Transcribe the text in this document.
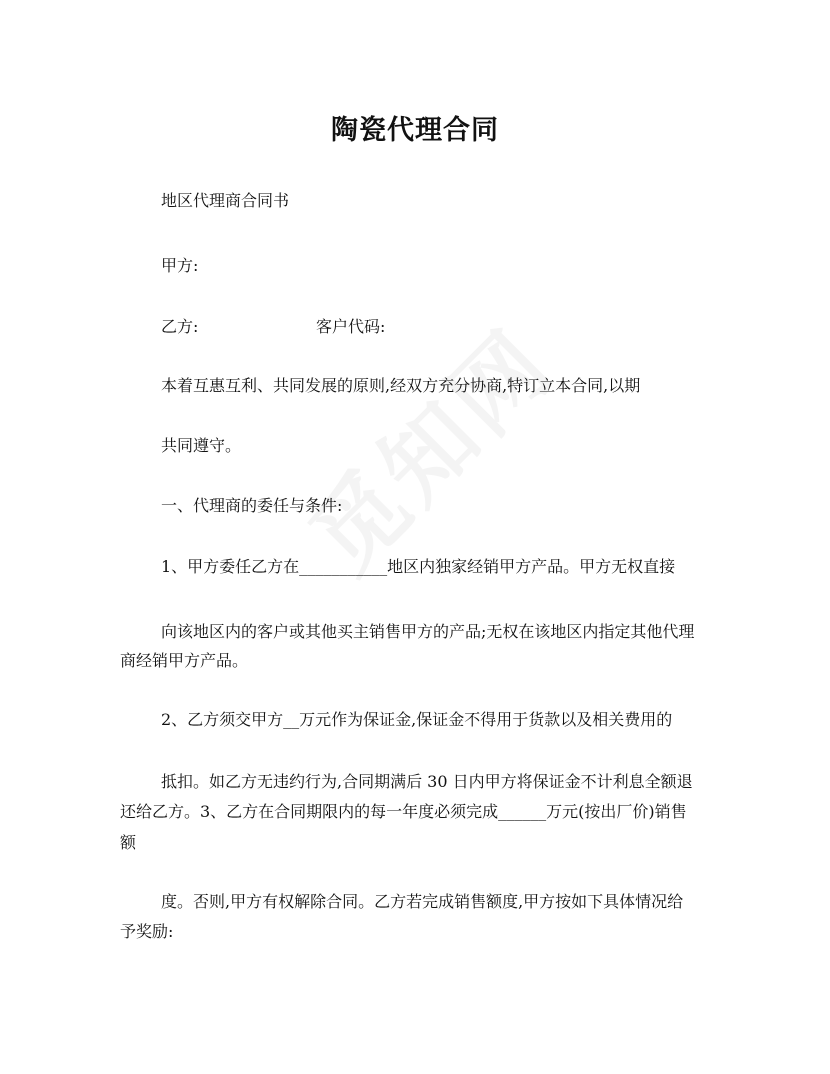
陶瓷代理合同
地区代理商合同书
甲方:
乙方:	客户代码:
本着互惠互利、共同发展的原则,经双方充分协商,特订立本合同,以期
共同遵守。
一、代理商的委任与条件:
1、甲方委任乙方在___________地区内独家经销甲方产品。甲方无权直接
向该地区内的客户或其他买主销售甲方的产品;无权在该地区内指定其他代理
商经销甲方产品。
2、乙方须交甲方__万元作为保证金,保证金不得用于货款以及相关费用的
抵扣。如乙方无违约行为,合同期满后 30 日内甲方将保证金不计利息全额退
还给乙方。3、乙方在合同期限内的每一年度必须完成______万元(按出厂价)销售
额
度。否则,甲方有权解除合同。乙方若完成销售额度,甲方按如下具体情况给
予奖励:
